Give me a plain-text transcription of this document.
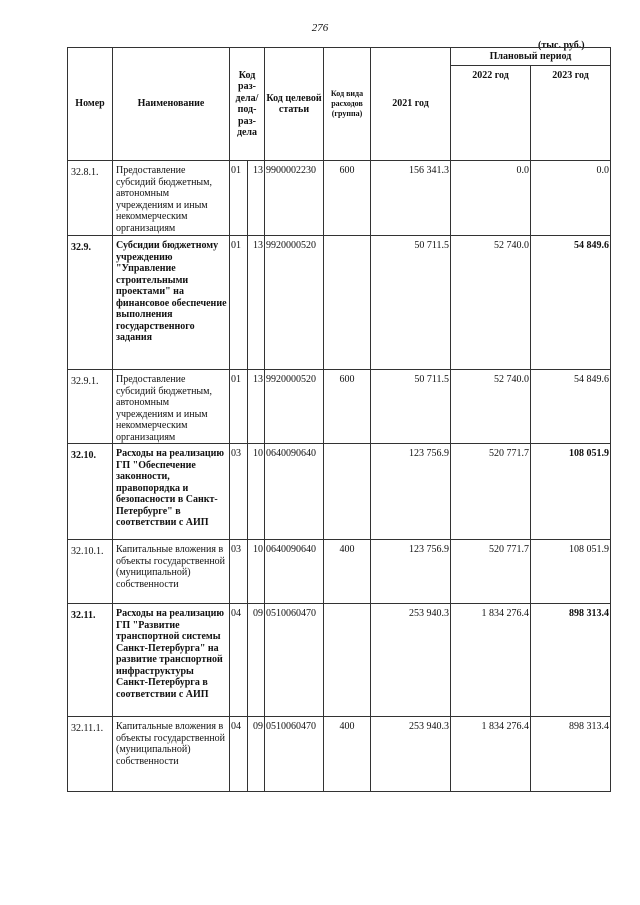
276
(тыс. руб.)
Номер	Наименование	Код раз-дела/ под-раз-дела		Код целевой статьи	Код вида расходов (группа)	2021 год	Плановый период	
							2022 год	2023 год
32.8.1.	Предоставление субсидий бюджетным, автономным учреждениям и иным некоммерческим организациям	01	13	9900002230	600	156 341.3	0.0	0.0
32.9.	Субсидии бюджетному учреждению "Управление строительными проектами" на финансовое обеспечение выполнения государственного задания	01	13	9920000520		50 711.5	52 740.0	54 849.6
32.9.1.	Предоставление субсидий бюджетным, автономным учреждениям и иным некоммерческим организациям	01	13	9920000520	600	50 711.5	52 740.0	54 849.6
32.10.	Расходы на реализацию ГП "Обеспечение законности, правопорядка и безопасности в Санкт-Петербурге" в соответствии с АИП	03	10	0640090640		123 756.9	520 771.7	108 051.9
32.10.1.	Капитальные вложения в объекты государственной (муниципальной) собственности	03	10	0640090640	400	123 756.9	520 771.7	108 051.9
32.11.	Расходы на реализацию ГП "Развитие транспортной системы Санкт-Петербурга" на развитие транспортной инфраструктуры Санкт-Петербурга в соответствии с АИП	04	09	0510060470		253 940.3	1 834 276.4	898 313.4
32.11.1.	Капитальные вложения в объекты государственной (муниципальной) собственности	04	09	0510060470	400	253 940.3	1 834 276.4	898 313.4
